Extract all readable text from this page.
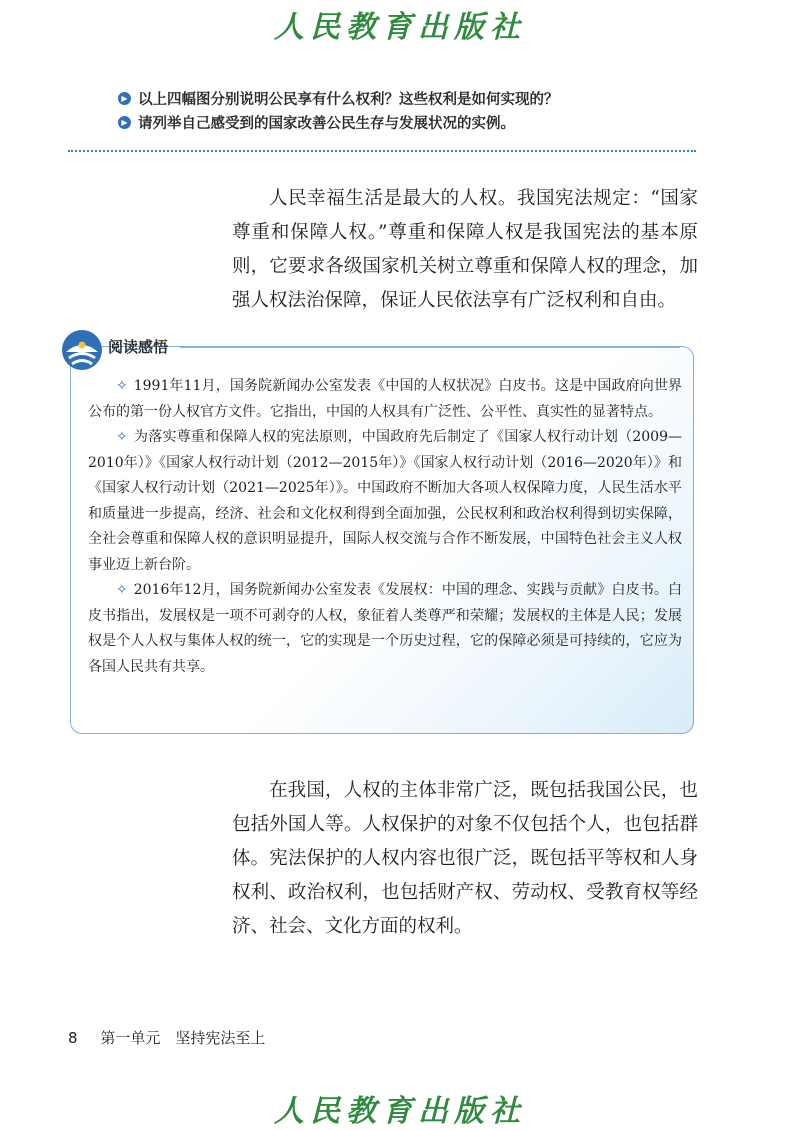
人民教育出版社
▶ 以上四幅图分别说明公民享有什么权利？这些权利是如何实现的？
▶ 请列举自己感受到的国家改善公民生存与发展状况的实例。

人民幸福生活是最大的人权。我国宪法规定：“国家尊重和保障人权。”尊重和保障人权是我国宪法的基本原则，它要求各级国家机关树立尊重和保障人权的理念，加强人权法治保障，保证人民依法享有广泛权利和自由。

阅读感悟

✧ 1991年11月，国务院新闻办公室发表《中国的人权状况》白皮书。这是中国政府向世界公布的第一份人权官方文件。它指出，中国的人权具有广泛性、公平性、真实性的显著特点。

✧ 为落实尊重和保障人权的宪法原则，中国政府先后制定了《国家人权行动计划（2009—2010年）》《国家人权行动计划（2012—2015年）》《国家人权行动计划（2016—2020年）》和《国家人权行动计划（2021—2025年）》。中国政府不断加大各项人权保障力度，人民生活水平和质量进一步提高，经济、社会和文化权利得到全面加强，公民权利和政治权利得到切实保障，全社会尊重和保障人权的意识明显提升，国际人权交流与合作不断发展，中国特色社会主义人权事业迈上新台阶。

✧ 2016年12月，国务院新闻办公室发表《发展权：中国的理念、实践与贡献》白皮书。白皮书指出，发展权是一项不可剥夺的人权，象征着人类尊严和荣耀；发展权的主体是人民；发展权是个人人权与集体人权的统一，它的实现是一个历史过程，它的保障必须是可持续的，它应为各国人民共有共享。

在我国，人权的主体非常广泛，既包括我国公民，也包括外国人等。人权保护的对象不仅包括个人，也包括群体。宪法保护的人权内容也很广泛，既包括平等权和人身权利、政治权利，也包括财产权、劳动权、受教育权等经济、社会、文化方面的权利。

8 第一单元　坚持宪法至上
人民教育出版社
